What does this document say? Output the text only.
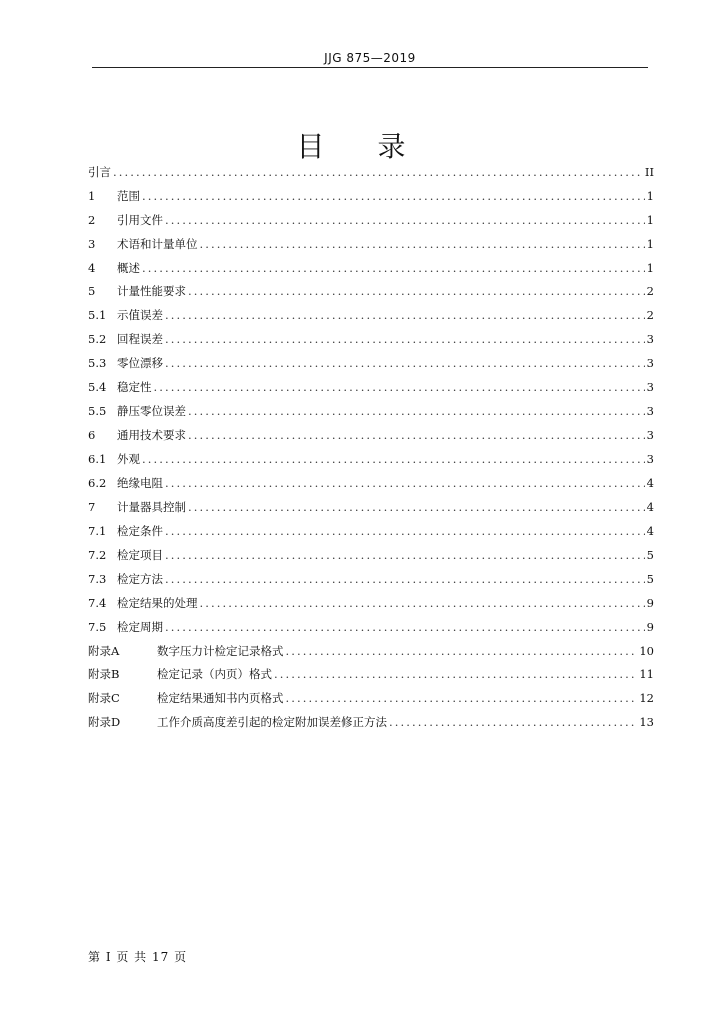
JJG 875—2019
目 录
引言 .....	II
1	范围 .....	1
2	引用文件 .....	1
3	术语和计量单位 .....	1
4	概述 .....	1
5	计量性能要求 .....	2
5.1 示值误差 .....	2
5.2 回程误差 .....	3
5.3 零位漂移 .....	3
5.4 稳定性 .....	3
5.5 静压零位误差 .....	3
6	通用技术要求 .....	3
6.1 外观 .....	3
6.2 绝缘电阻 .....	4
7	计量器具控制 .....	4
7.1 检定条件 .....	4
7.2 检定项目 .....	5
7.3 检定方法 .....	5
7.4 检定结果的处理 .....	9
7.5 检定周期 .....	9
附录A	数字压力计检定记录格式 .....	10
附录B	检定记录（内页）格式 .....	11
附录C	检定结果通知书内页格式 .....	12
附录D	工作介质高度差引起的检定附加误差修正方法 .....	13
第 I 页 共 17 页
